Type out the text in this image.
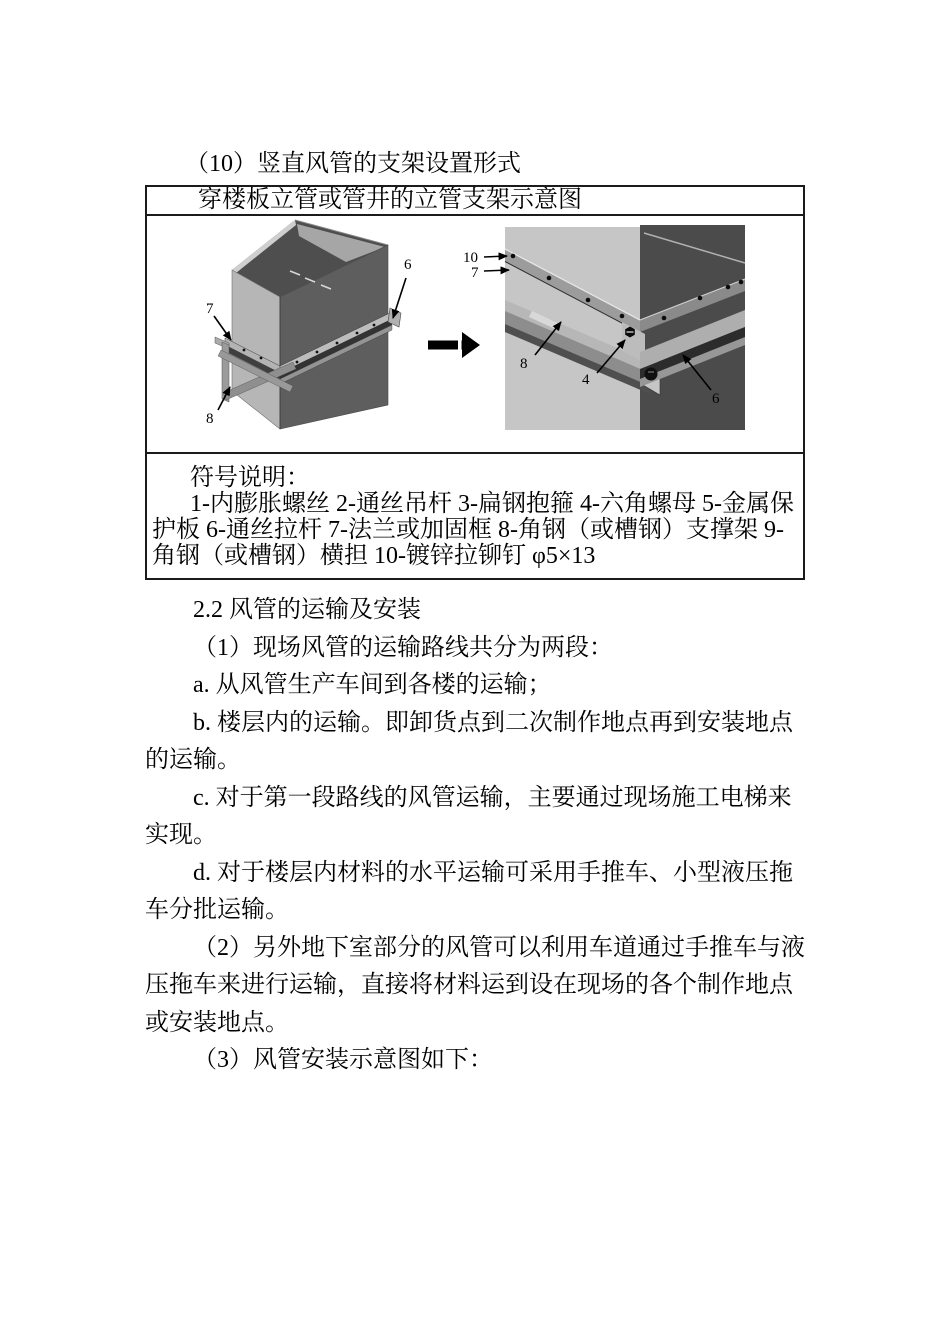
（10）竖直风管的支架设置形式

穿楼板立管或管井的立管支架示意图
7
8
6	10
7
8
4
6

符号说明：

1-内膨胀螺丝 2-通丝吊杆 3-扁钢抱箍 4-六角螺母 5-金属保护板 6-通丝拉杆 7-法兰或加固框 8-角钢（或槽钢）支撑架 9-角钢（或槽钢）横担 10-镀锌拉铆钉 φ5×13

2.2 风管的运输及安装

（1）现场风管的运输路线共分为两段：

a. 从风管生产车间到各楼的运输；

b. 楼层内的运输。即卸货点到二次制作地点再到安装地点的运输。

c. 对于第一段路线的风管运输，主要通过现场施工电梯来实现。

d. 对于楼层内材料的水平运输可采用手推车、小型液压拖车分批运输。

（2）另外地下室部分的风管可以利用车道通过手推车与液压拖车来进行运输，直接将材料运到设在现场的各个制作地点或安装地点。

（3）风管安装示意图如下：
